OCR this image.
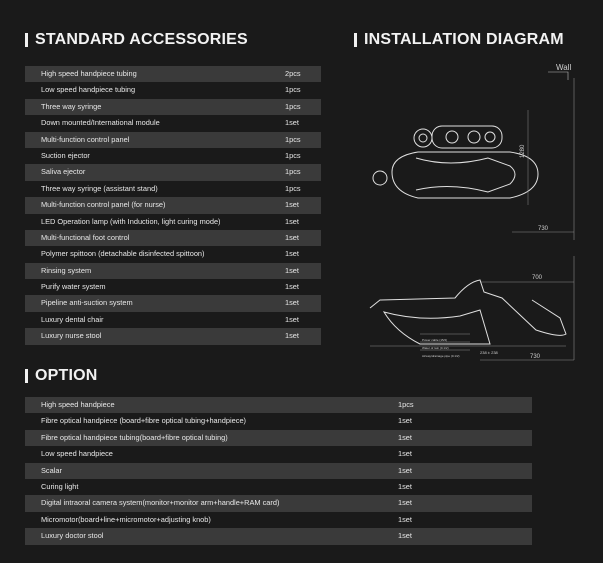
STANDARD ACCESSORIES	INSTALLATION DIAGRAM
OPTION
High speed handpiece tubing	2pcs
Low speed handpiece tubing	1pcs
Three way syringe	1pcs
Down mounted/International module	1set
Multi-function control panel	1pcs
Suction ejector	1pcs
Saliva ejector	1pcs
Three way syringe (assistant stand)	1pcs
Multi-function control panel (for nurse)	1set
LED Operation lamp (with Induction, light curing mode)	1set
Multi-functional foot control	1set
Polymer spittoon (detachable disinfected spittoon)	1set
Rinsing system	1set
Purify water system	1set
Pipeline anti-suction system	1set
Luxury dental chair	1set
Luxury nurse stool	1set
High speed handpiece	1pcs
Fibre optical handpiece (board+fibre optical tubing+handpiece)	1set
Fibre optical handpiece tubing(board+fibre optical tubing)	1set
Low speed handpiece	1set
Scalar	1set
Curing light	1set
Digital intraoral camera system(monitor+monitor arm+handle+RAM card)	1set
Micromotor(board+line+micromotor+adjusting knob)	1set
Luxury doctor stool	1set
Wall
1280
730
700
Power cable (15/2)
Water of rain (0.1/2)
Airway/drainage pipe (0.1/2)	730
238 ± 238
